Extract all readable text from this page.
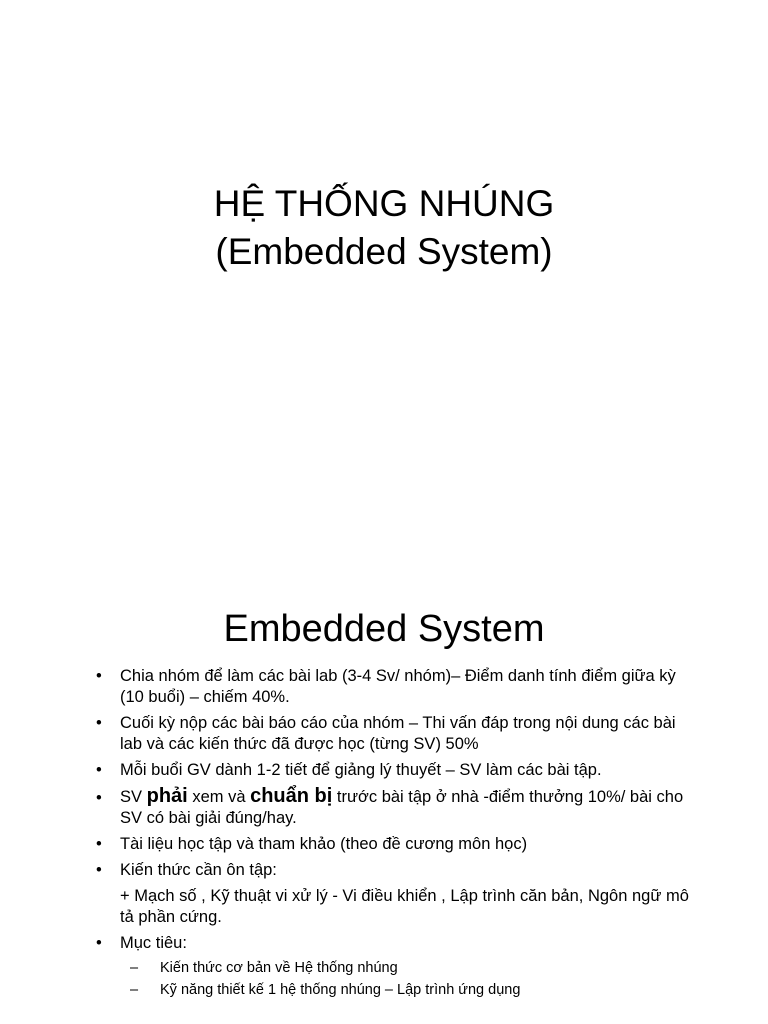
HỆ THỐNG NHÚNG
(Embedded System)
Embedded System
• Chia nhóm để làm các bài lab (3-4 Sv/ nhóm)– Điểm danh tính điểm giữa kỳ (10 buổi) – chiếm 40%.
• Cuối kỳ nộp các bài báo cáo của nhóm – Thi vấn đáp trong nội dung các bài lab và các kiến thức đã được học (từng SV) 50%
• Mỗi buổi GV dành 1-2 tiết để giảng lý thuyết – SV làm các bài tập.
• SV phải xem và chuẩn bị trước bài tập ở nhà -điểm thưởng 10%/ bài cho SV có bài giải đúng/hay.
• Tài liệu học tập và tham khảo (theo đề cương môn học)
• Kiến thức cần ôn tập:
+ Mạch số , Kỹ thuật vi xử lý - Vi điều khiển , Lập trình căn bản, Ngôn ngữ mô tả phần cứng.
• Mục tiêu:
– Kiến thức cơ bản về Hệ thống nhúng
– Kỹ năng thiết kế 1 hệ thống nhúng – Lập trình ứng dụng
